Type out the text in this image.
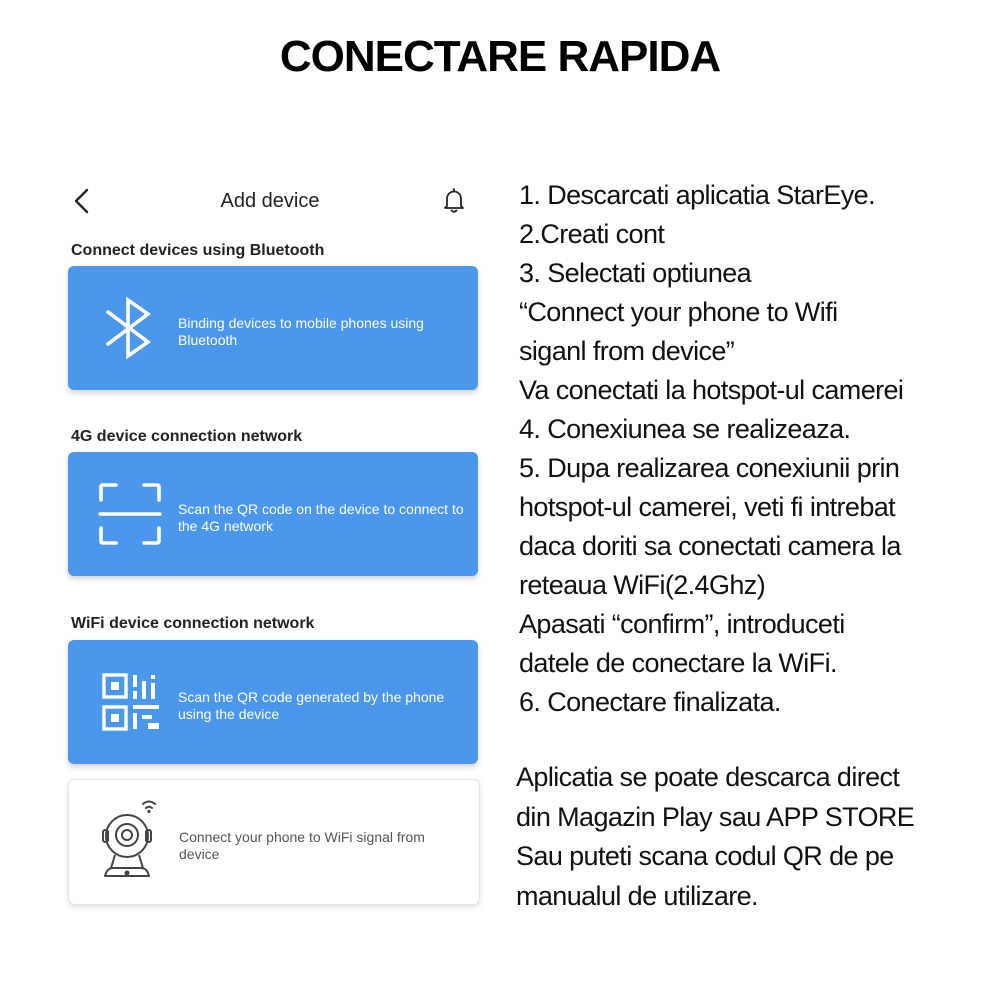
CONECTARE RAPIDA
Add device
Connect devices using Bluetooth
Binding devices to mobile phones using Bluetooth
4G device connection network
Scan the QR code on the device to connect to the 4G network
WiFi device connection network
Scan the QR code generated by the phone using the device
Connect your phone to WiFi signal from device
1. Descarcati aplicatia StarEye.
2.Creati cont
3. Selectati optiunea
“Connect your phone to Wifi
siganl from device”
Va conectati la hotspot-ul camerei
4. Conexiunea se realizeaza.
5. Dupa realizarea conexiunii prin
hotspot-ul camerei, veti fi intrebat
daca doriti sa conectati camera la
reteaua WiFi(2.4Ghz)
Apasati “confirm”, introduceti
datele de conectare la WiFi.
6. Conectare finalizata.
Aplicatia se poate descarca direct
din Magazin Play sau APP STORE
Sau puteti scana codul QR de pe
manualul de utilizare.
